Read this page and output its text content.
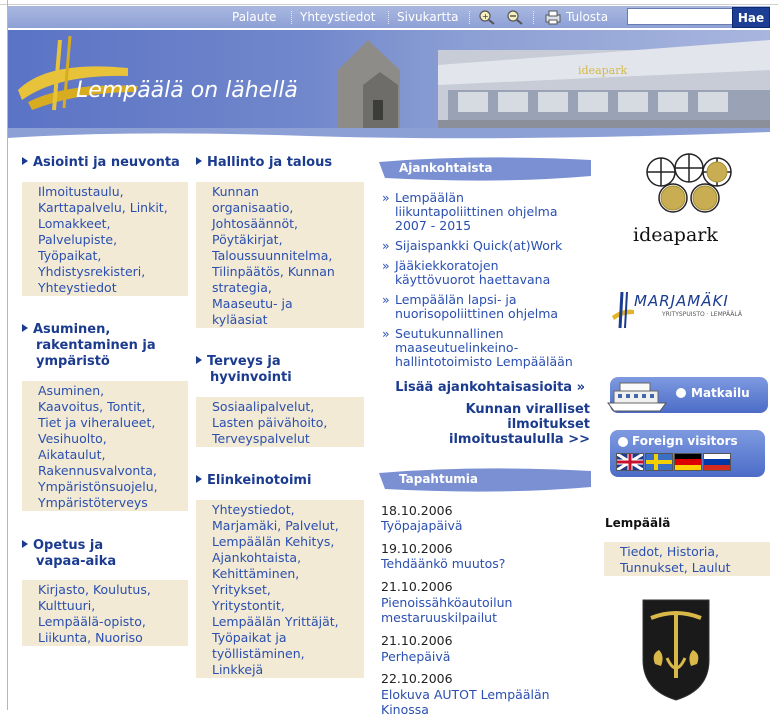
Palaute Yhteystiedot Sivukartta	+	Tulosta	Hae
ideapark
Lempäälä on lähellä
Asiointi ja neuvonta
Ilmoitustaulu,
Karttapalvelu, Linkit,
Lomakkeet,
Palvelupiste,
Työpaikat,
Yhdistysrekisteri,
Yhteystiedot
Asuminen,
rakentaminen ja
ympäristö
Asuminen,
Kaavoitus, Tontit,
Tiet ja viheralueet,
Vesihuolto,
Aikataulut,
Rakennusvalvonta,
Ympäristönsuojelu,
Ympäristöterveys
Opetus ja
vapaa-aika
Kirjasto, Koulutus,
Kulttuuri,
Lempäälä-opisto,
Liikunta, Nuoriso
Hallinto ja talous
Kunnan
organisaatio,
Johtosäännöt,
Pöytäkirjat,
Taloussuunnitelma,
Tilinpäätös, Kunnan
strategia,
Maaseutu- ja
kyläasiat
Terveys ja
hyvinvointi
Sosiaalipalvelut,
Lasten päivähoito,
Terveyspalvelut
Elinkeinotoimi
Yhteystiedot,
Marjamäki, Palvelut,
Lempäälän Kehitys,
Ajankohtaista,
Kehittäminen,
Yritykset,
Yritystontit,
Lempäälän Yrittäjät,
Työpaikat ja
työllistäminen,
Linkkejä
Ajankohtaista
» Lempäälän
liikuntapoliittinen ohjelma
2007 - 2015
» Sijaispankki Quick(at)Work
» Jääkiekkoratojen
käyttövuorot haettavana
» Lempäälän lapsi- ja
nuorisopoliittinen ohjelma
» Seutukunnallinen
maaseutuelinkeino-
hallintotoimisto Lempäälään
Lisää ajankohtaisasioita »
Kunnan viralliset ilmoitukset
ilmoitustaululla >>
Tapahtumia
18.10.2006
Työpajapäivä
19.10.2006
Tehdäänkö muutos?
21.10.2006
Pienoissähköautoilun
mestaruuskilpailut
21.10.2006
Perhepäivä
22.10.2006
Elokuva AUTOT Lempäälän
Kinossa
ideapark
MARJAMÄKI
YRITYSPUISTO · LEMPÄÄLÄ
Matkailu
Foreign visitors
Lempäälä
Tiedot, Historia,
Tunnukset, Laulut
